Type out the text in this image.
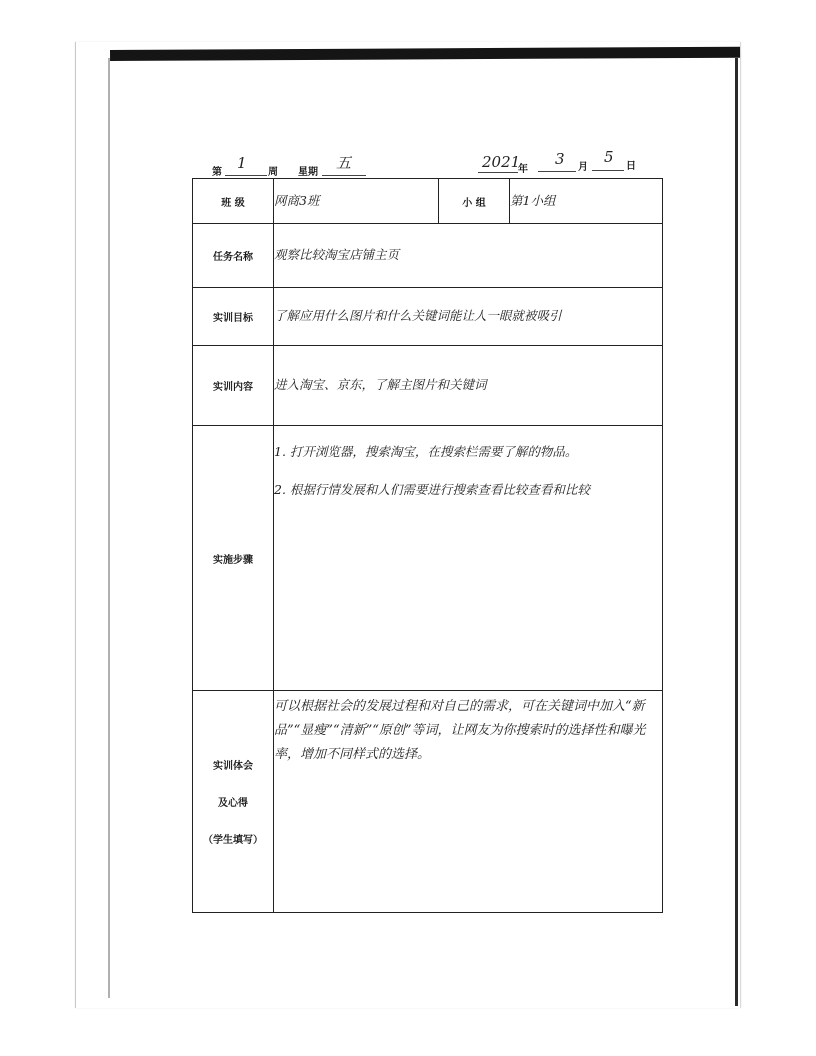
第
1
周 星期
五	2021
年
3 月
5
日
班 级	网商3班	小 组	第1小组
任务名称	观察比较淘宝店铺主页		
实训目标	了解应用什么图片和什么关键词能让人一眼就被吸引		
实训内容	进入淘宝、京东，了解主图片和关键词		
实施步骤	1. 打开浏览器，搜索淘宝，在搜索栏需要了解的物品。
2. 根据行情发展和人们需要进行搜索查看比较查看和比较		

实训体会
及心得
（学生填写）	可以根据社会的发展过程和对自己的需求，可在关键词中加入“新品”“显瘦”“清新”“原创”等词，让网友为你搜索时的选择性和曝光率，增加不同样式的选择。		
